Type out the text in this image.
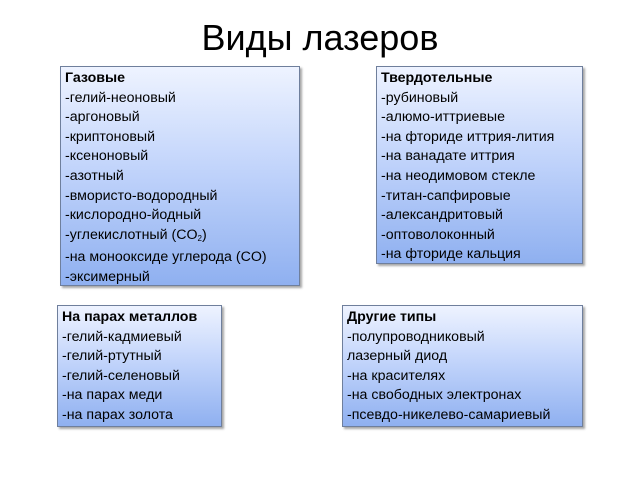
Виды лазеров
Газовые
-гелий-неоновый
-аргоновый
-криптоновый
-ксеноновый
-азотный
-вмористо-водородный
-кислородно-йодный
-углекислотный $(CO_2)$
-на монооксиде углерода (CO)
-эксимерный
Твердотельные
-рубиновый
-алюмо-иттриевые
-на фториде иттрия-лития
-на ванадате иттрия
-на неодимовом стекле
-титан-сапфировые
-александритовый
-оптоволоконный
-на фториде кальция
На парах металлов
-гелий-кадмиевый
-гелий-ртутный
-гелий-селеновый
-на парах меди
-на парах золота
Другие типы
-полупроводниковый
лазерный диод
-на красителях
-на свободных электронах
-псевдо-никелево-самариевый
